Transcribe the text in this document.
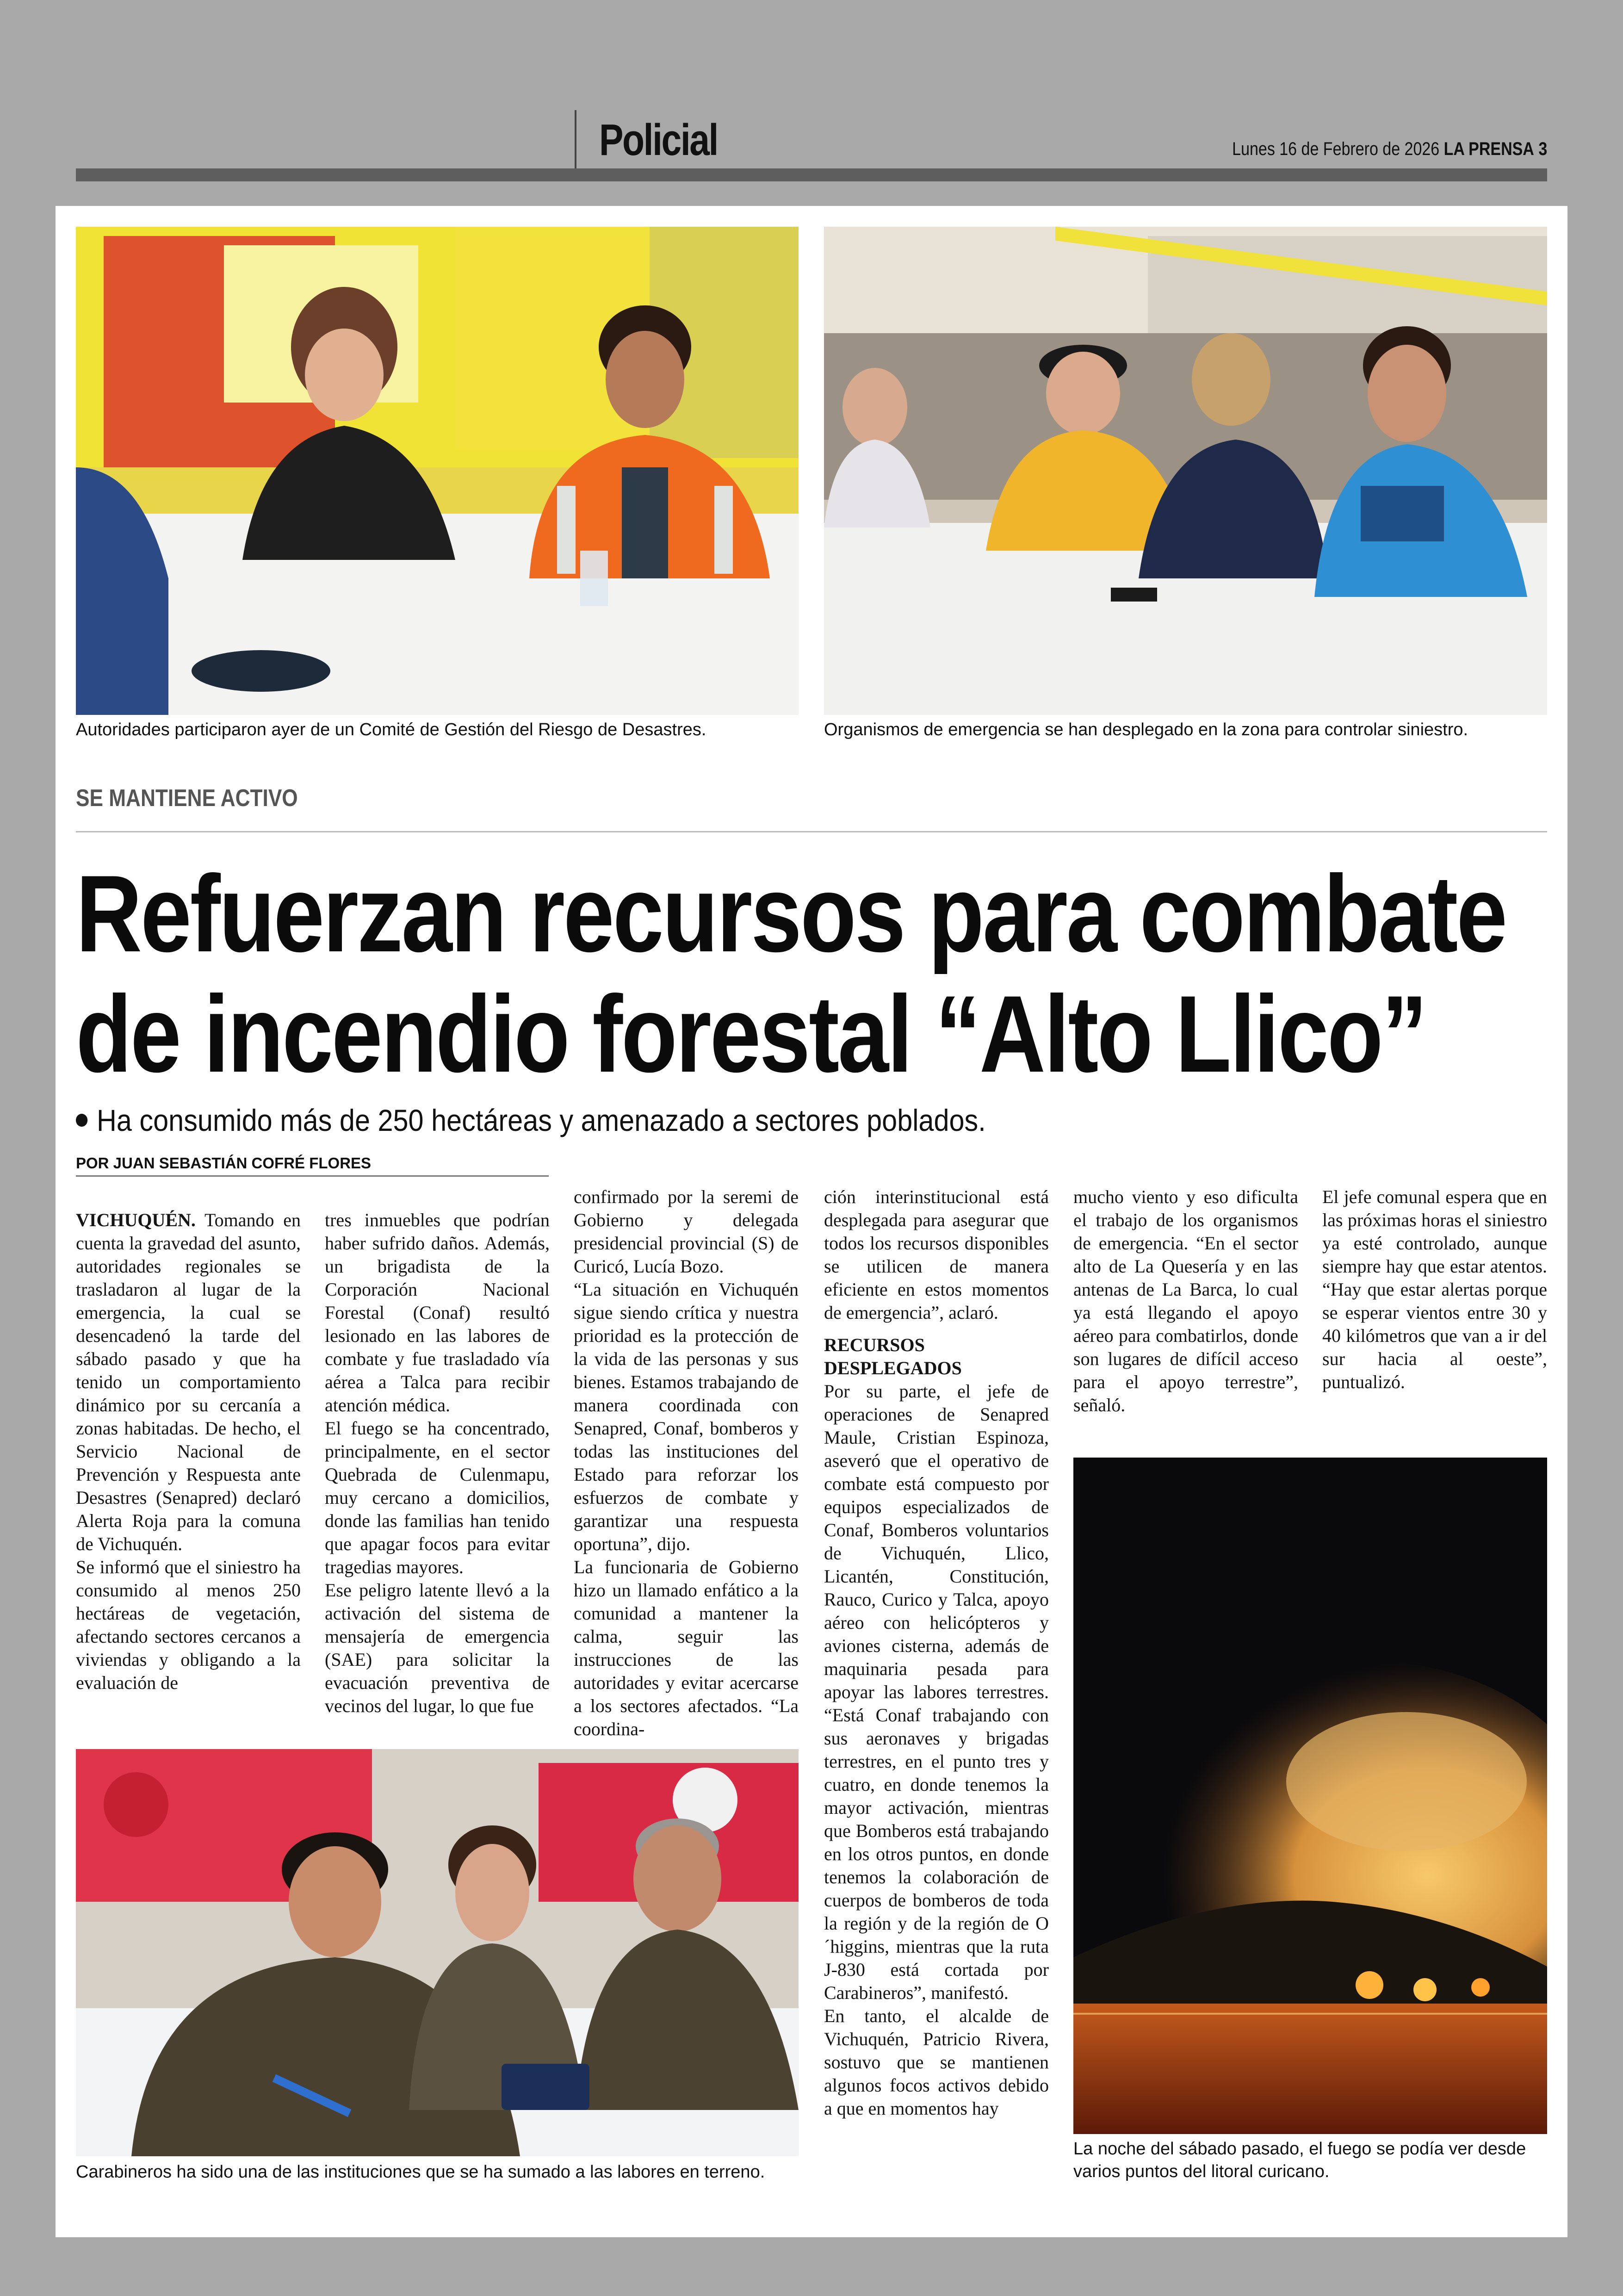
Policial	Lunes 16 de Febrero de 2026 LA PRENSA 3
Autoridades participaron ayer de un Comité de Gestión del Riesgo de Desastres.	Organismos de emergencia se han desplegado en la zona para controlar siniestro.
SE MANTIENE ACTIVO
Refuerzan recursos para combate
de incendio forestal “Alto Llico”
Ha consumido más de 250 hectáreas y amenazado a sectores poblados.
POR JUAN SEBASTIÁN COFRÉ FLORES

VICHUQUÉN. Tomando en cuenta la gravedad del asunto, autoridades regionales se trasladaron al lugar de la emergencia, la cual se desencadenó la tarde del sábado pasado y que ha tenido un comportamiento dinámico por su cercanía a zonas habitadas. De hecho, el Servicio Nacional de Prevención y Respuesta ante Desastres (Senapred) declaró Alerta Roja para la comuna de Vichuquén.

Se informó que el siniestro ha consumido al menos 250 hectáreas de vegetación, afectando sectores cercanos a viviendas y obligando a la evaluación de

tres inmuebles que podrían haber sufrido daños. Además, un brigadista de la Corporación Nacional Forestal (Conaf) resultó lesionado en las labores de combate y fue trasladado vía aérea a Talca para recibir atención médica.

El fuego se ha concentrado, principalmente, en el sector Quebrada de Culenmapu, muy cercano a domicilios, donde las familias han tenido que apagar focos para evitar tragedias mayores.

Ese peligro latente llevó a la activación del sistema de mensajería de emergencia (SAE) para solicitar la evacuación preventiva de vecinos del lugar, lo que fue

confirmado por la seremi de Gobierno y delegada presidencial provincial (S) de Curicó, Lucía Bozo.

“La situación en Vichuquén sigue siendo crítica y nuestra prioridad es la protección de la vida de las personas y sus bienes. Estamos trabajando de manera coordinada con Senapred, Conaf, bomberos y todas las instituciones del Estado para reforzar los esfuerzos de combate y garantizar una respuesta oportuna”, dijo.

La funcionaria de Gobierno hizo un llamado enfático a la comunidad a mantener la calma, seguir las instrucciones de las autoridades y evitar acercarse a los sectores afectados. “La coordina-

ción interinstitucional está desplegada para asegurar que todos los recursos disponibles se utilicen de manera eficiente en estos momentos de emergencia”, aclaró.

RECURSOS DESPLEGADOS

Por su parte, el jefe de operaciones de Senapred Maule, Cristian Espinoza, aseveró que el operativo de combate está compuesto por equipos especializados de Conaf, Bomberos voluntarios de Vichuquén, Llico, Licantén, Constitución, Rauco, Curico y Talca, apoyo aéreo con helicópteros y aviones cisterna, además de maquinaria pesada para apoyar las labores terrestres. “Está Conaf trabajando con sus aeronaves y brigadas terrestres, en el punto tres y cuatro, en donde tenemos la mayor activación, mientras que Bomberos está trabajando en los otros puntos, en donde tenemos la colaboración de cuerpos de bomberos de toda la región y de la región de O´higgins, mientras que la ruta J-830 está cortada por Carabineros”, manifestó.

En tanto, el alcalde de Vichuquén, Patricio Rivera, sostuvo que se mantienen algunos focos activos debido a que en momentos hay

mucho viento y eso dificulta el trabajo de los organismos de emergencia. “En el sector alto de La Quesería y en las antenas de La Barca, lo cual ya está llegando el apoyo aéreo para combatirlos, donde son lugares de difícil acceso para el apoyo terrestre”, señaló.

El jefe comunal espera que en las próximas horas el siniestro ya esté controlado, aunque siempre hay que estar atentos. “Hay que estar alertas porque se esperar vientos entre 30 y 40 kilómetros que van a ir del sur hacia al oeste”, puntualizó.

Carabineros ha sido una de las instituciones que se ha sumado a las labores en terreno.
La noche del sábado pasado, el fuego se podía ver desde varios puntos del litoral curicano.
